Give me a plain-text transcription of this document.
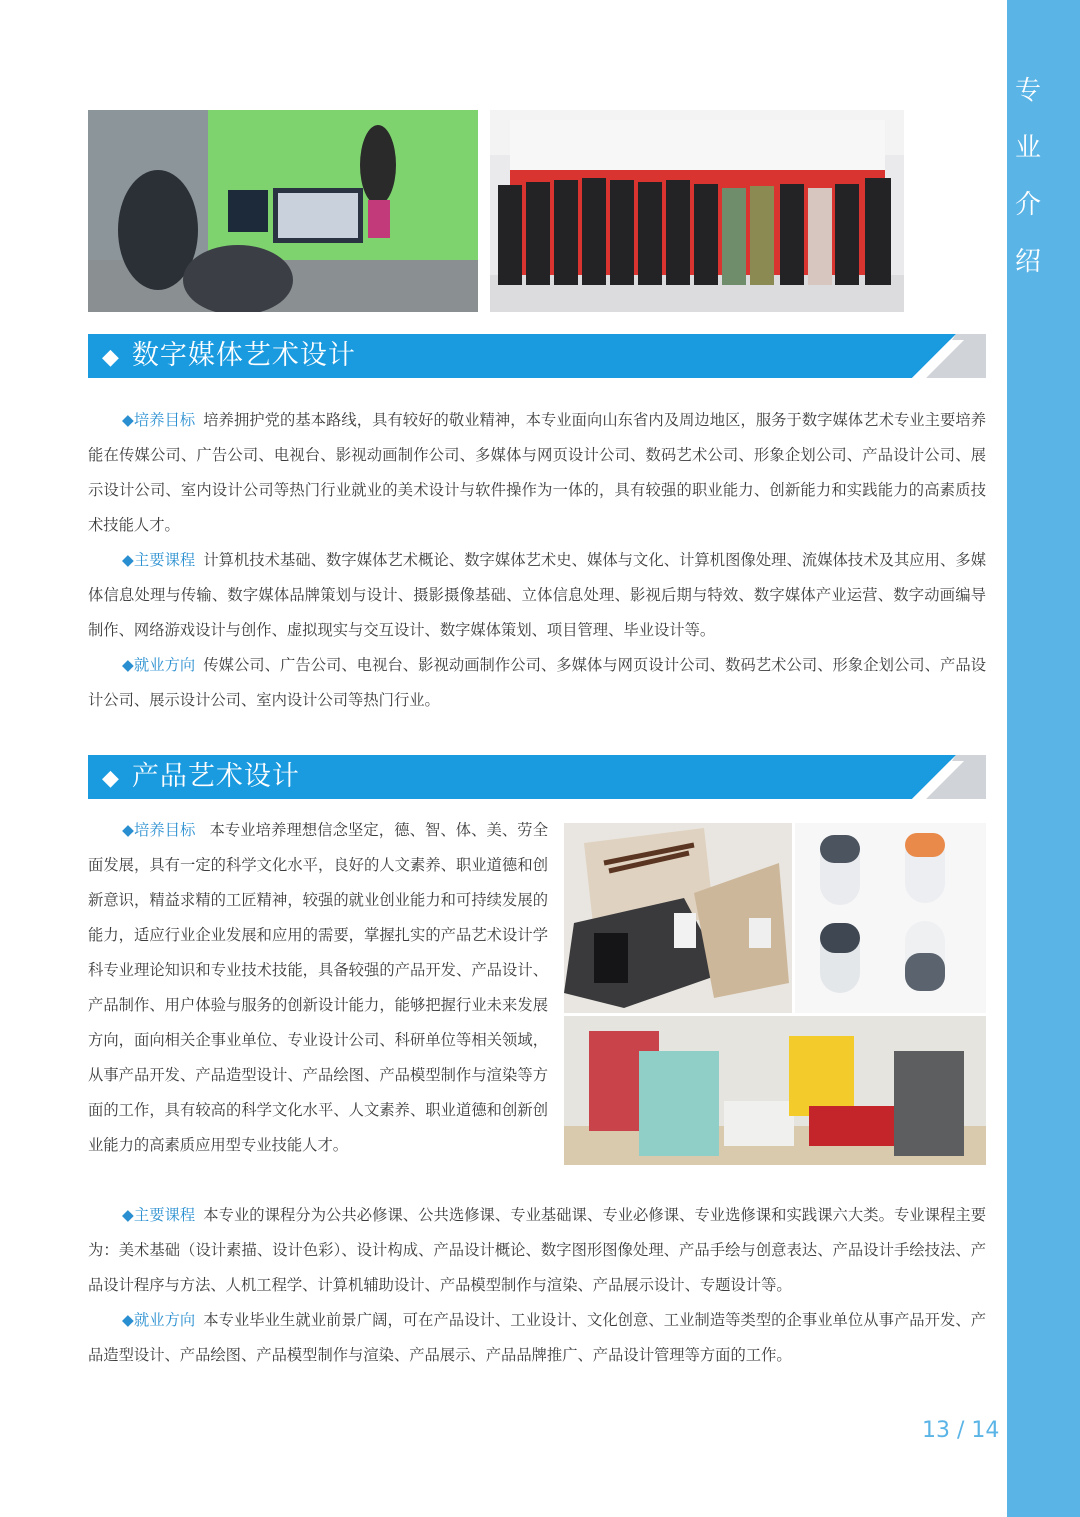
专
业
介
绍
◆ 数字媒体艺术设计
◆培养目标 培养拥护党的基本路线，具有较好的敬业精神，本专业面向山东省内及周边地区，服务于数字媒体艺术专业主要培养能在传媒公司、广告公司、电视台、影视动画制作公司、多媒体与网页设计公司、数码艺术公司、形象企划公司、产品设计公司、展示设计公司、室内设计公司等热门行业就业的美术设计与软件操作为一体的，具有较强的职业能力、创新能力和实践能力的高素质技术技能人才。
◆主要课程 计算机技术基础、数字媒体艺术概论、数字媒体艺术史、媒体与文化、计算机图像处理、流媒体技术及其应用、多媒体信息处理与传输、数字媒体品牌策划与设计、摄影摄像基础、立体信息处理、影视后期与特效、数字媒体产业运营、数字动画编导制作、网络游戏设计与创作、虚拟现实与交互设计、数字媒体策划、项目管理、毕业设计等。
◆就业方向 传媒公司、广告公司、电视台、影视动画制作公司、多媒体与网页设计公司、数码艺术公司、形象企划公司、产品设计公司、展示设计公司、室内设计公司等热门行业。
◆ 产品艺术设计
◆培养目标 本专业培养理想信念坚定，德、智、体、美、劳全面发展，具有一定的科学文化水平，良好的人文素养、职业道德和创新意识，精益求精的工匠精神，较强的就业创业能力和可持续发展的能力，适应行业企业发展和应用的需要，掌握扎实的产品艺术设计学科专业理论知识和专业技术技能，具备较强的产品开发、产品设计、产品制作、用户体验与服务的创新设计能力，能够把握行业未来发展方向，面向相关企事业单位、专业设计公司、科研单位等相关领域，从事产品开发、产品造型设计、产品绘图、产品模型制作与渲染等方面的工作，具有较高的科学文化水平、人文素养、职业道德和创新创业能力的高素质应用型专业技能人才。
◆主要课程 本专业的课程分为公共必修课、公共选修课、专业基础课、专业必修课、专业选修课和实践课六大类。专业课程主要为：美术基础（设计素描、设计色彩）、设计构成、产品设计概论、数字图形图像处理、产品手绘与创意表达、产品设计手绘技法、产品设计程序与方法、人机工程学、计算机辅助设计、产品模型制作与渲染、产品展示设计、专题设计等。
◆就业方向 本专业毕业生就业前景广阔，可在产品设计、工业设计、文化创意、工业制造等类型的企事业单位从事产品开发、产品造型设计、产品绘图、产品模型制作与渲染、产品展示、产品品牌推广、产品设计管理等方面的工作。
13 / 14
